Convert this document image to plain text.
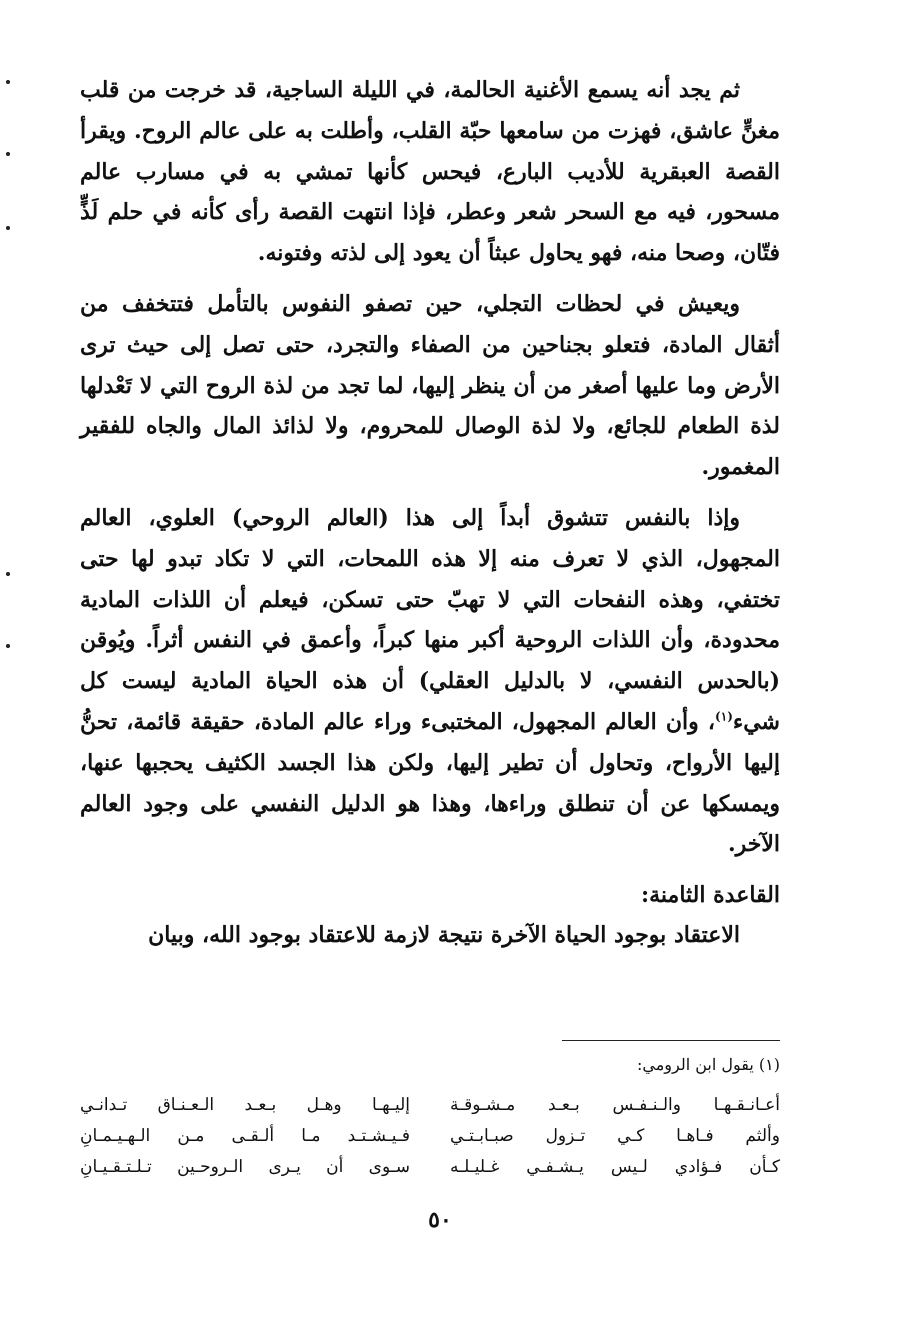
ثم يجد أنه يسمع الأغنية الحالمة، في الليلة الساجية، قد خرجت من قلب مغنٍّ عاشق، فهزت من سامعها حبّة القلب، وأطلت به على عالم الروح. ويقرأ القصة العبقرية للأديب البارع، فيحس كأنها تمشي به في مسارب عالم مسحور، فيه مع السحر شعر وعطر، فإذا انتهت القصة رأى كأنه في حلم لَذٍّ فتّان، وصحا منه، فهو يحاول عبثاً أن يعود إلى لذته وفتونه.

ويعيش في لحظات التجلي، حين تصفو النفوس بالتأمل فتتخفف من أثقال المادة، فتعلو بجناحين من الصفاء والتجرد، حتى تصل إلى حيث ترى الأرض وما عليها أصغر من أن ينظر إليها، لما تجد من لذة الروح التي لا تَعْدلها لذة الطعام للجائع، ولا لذة الوصال للمحروم، ولا لذائذ المال والجاه للفقير المغمور.

وإذا بالنفس تتشوق أبداً إلى هذا (العالم الروحي) العلوي، العالم المجهول، الذي لا تعرف منه إلا هذه اللمحات، التي لا تكاد تبدو لها حتى تختفي، وهذه النفحات التي لا تهبّ حتى تسكن، فيعلم أن اللذات المادية محدودة، وأن اللذات الروحية أكبر منها كبراً، وأعمق في النفس أثراً. ويُوقن (بالحدس النفسي، لا بالدليل العقلي) أن هذه الحياة المادية ليست كل شيء$^{(١)}$، وأن العالم المجهول، المختبىء وراء عالم المادة، حقيقة قائمة، تحنُّ إليها الأرواح، وتحاول أن تطير إليها، ولكن هذا الجسد الكثيف يحجبها عنها، ويمسكها عن أن تنطلق وراءها، وهذا هو الدليل النفسي على وجود العالم الآخر.

القاعدة الثامنة:

الاعتقاد بوجود الحياة الآخرة نتيجة لازمة للاعتقاد بوجود الله، وبيان

(١) يقول ابن الرومي:
أعـانـقـهـا والـنـفـس بـعـد مـشـوقـة
إليـهـا وهـل بـعـد الـعـنـاق تـدانـي
وألثم فـاهـا كـي تـزول صبـابـتـي
فـيـشـتـد مـا ألـقـى مـن الـهـيـمـانِ
كـأن فـؤادي لـيس يـشـفـي غـليـلـه
سـوى أن يـرى الـروحـين تـلـتـقـيـانِ
٥٠
